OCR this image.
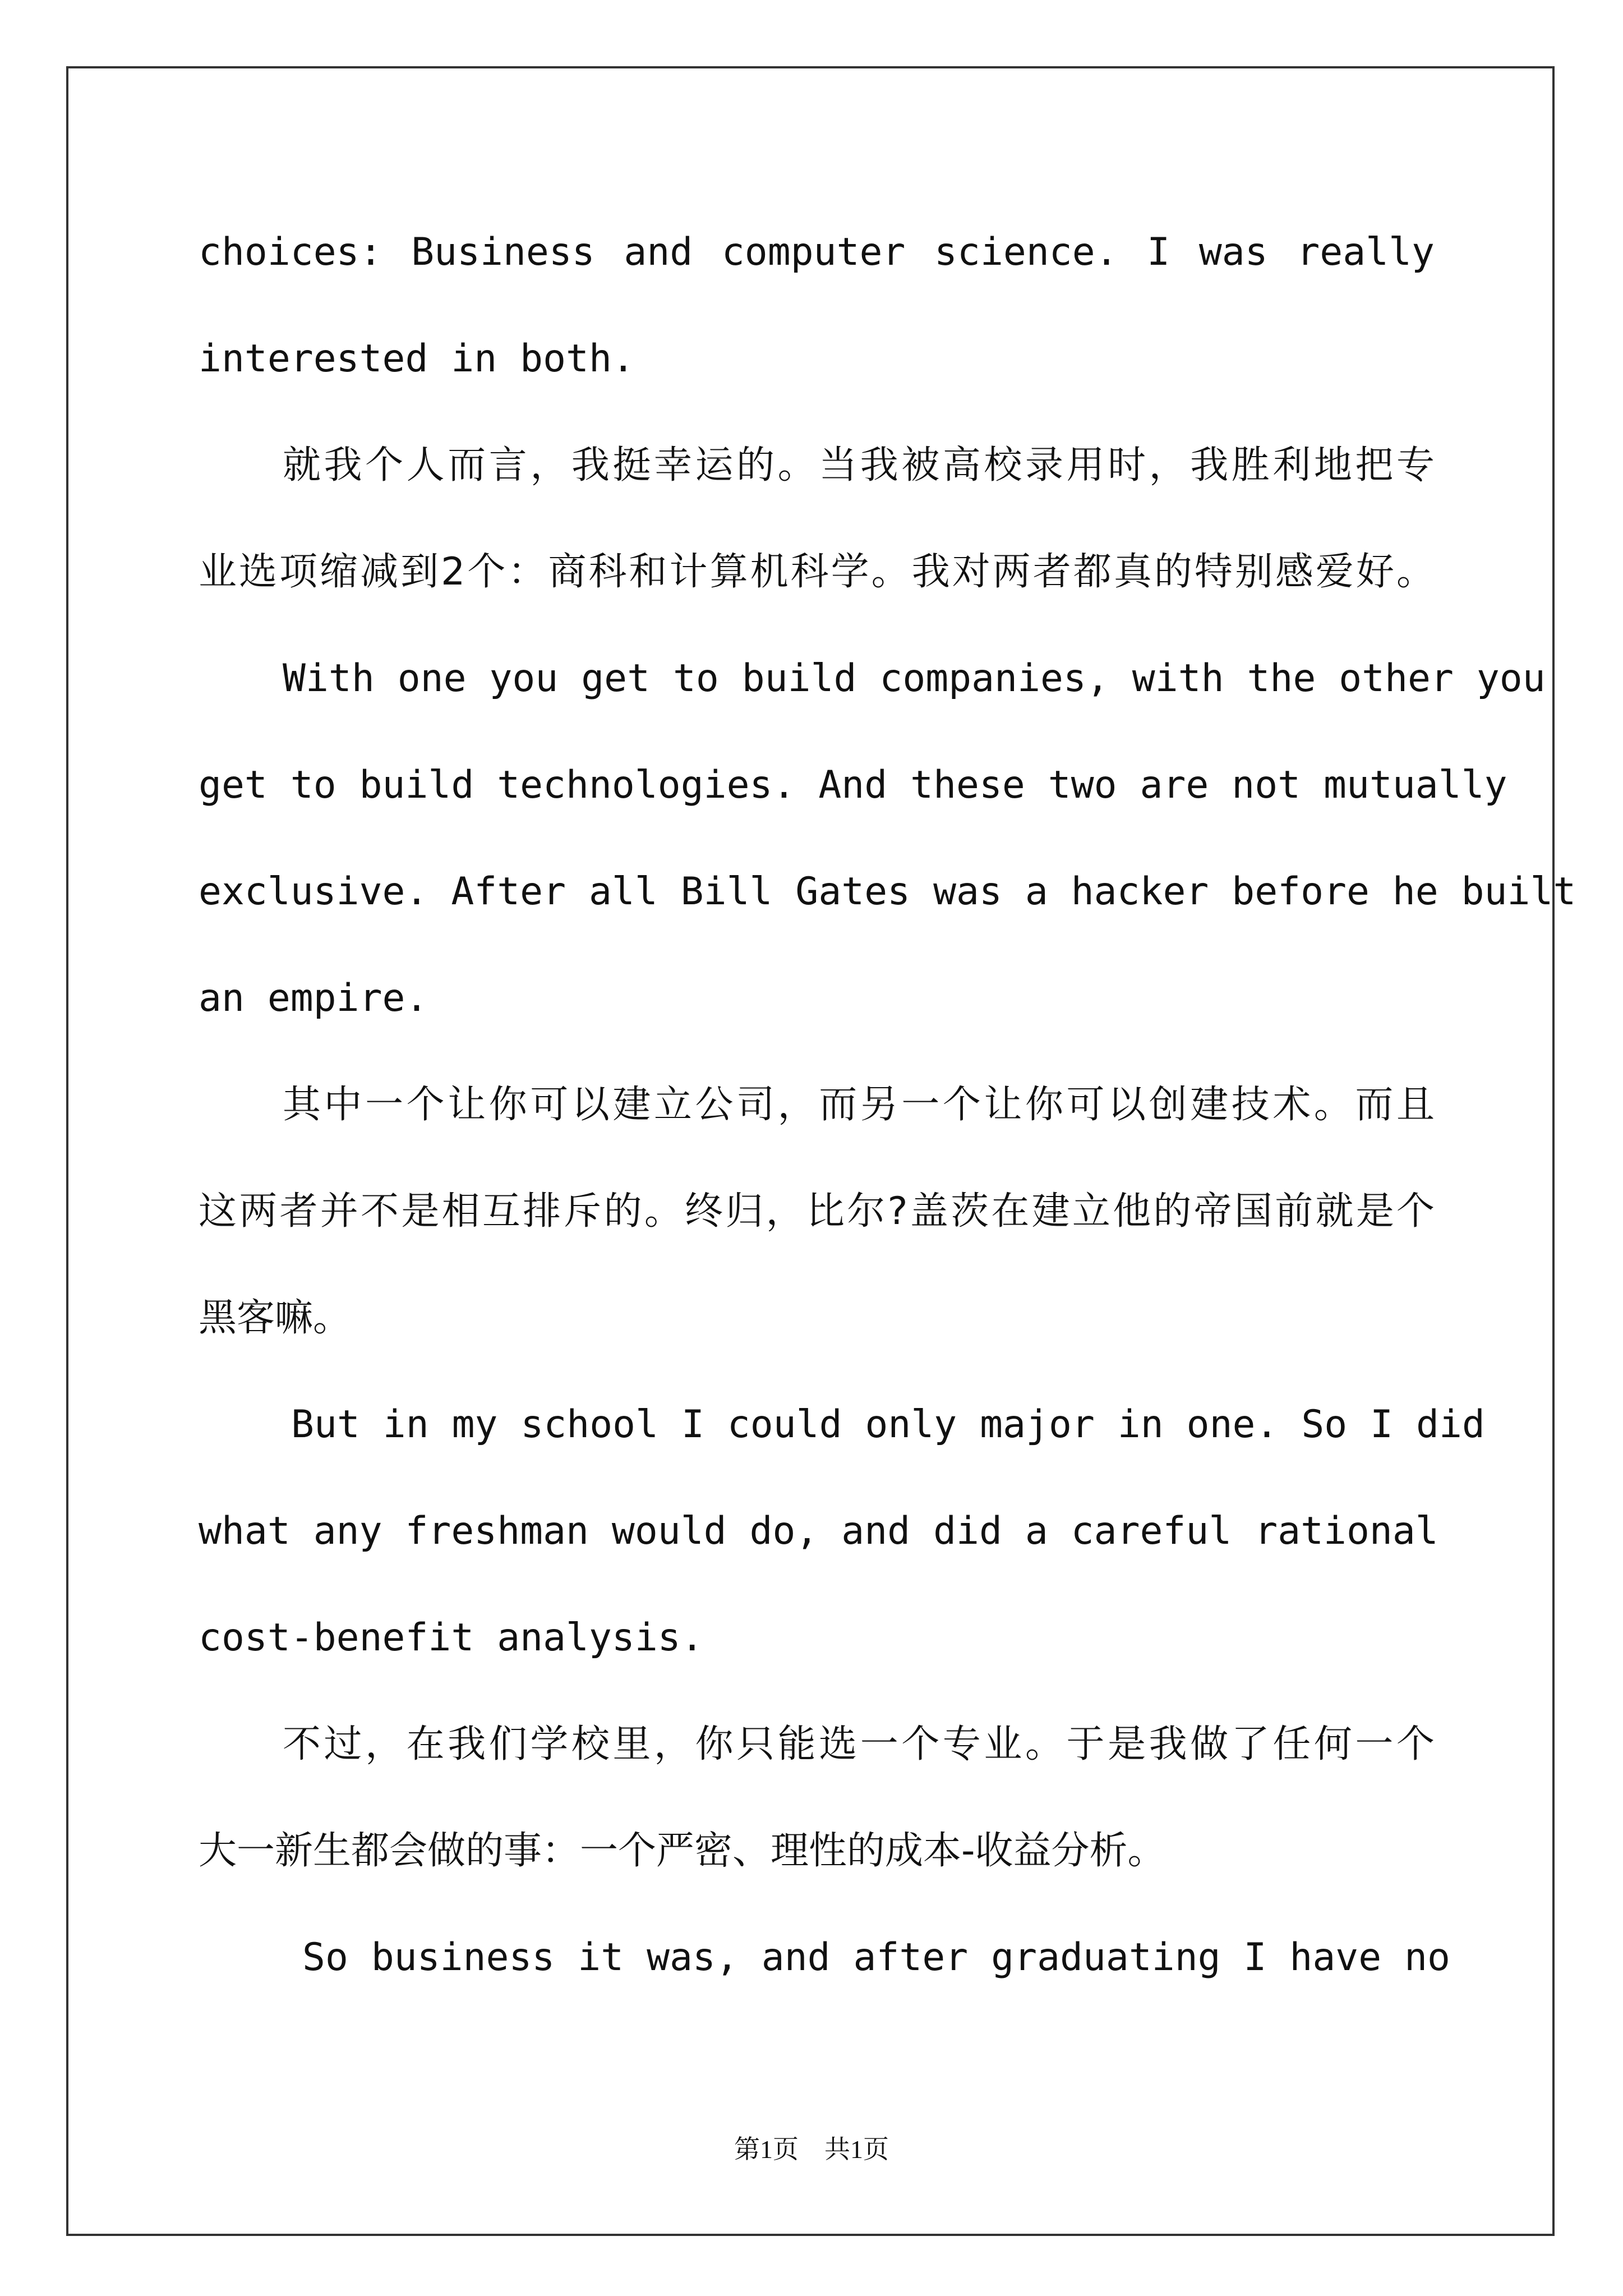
choices: Business and computer science. I was really
interested in both.
就我个人而言，我挺幸运的。当我被高校录用时，我胜利地把专
业选项缩减到2个：商科和计算机科学。我对两者都真的特别感爱好。
With one you get to build companies, with the other you
get to build technologies. And these two are not mutually
exclusive. After all Bill Gates was a hacker before he built
an empire.
其中一个让你可以建立公司，而另一个让你可以创建技术。而且
这两者并不是相互排斥的。终归，比尔?盖茨在建立他的帝国前就是个
黑客嘛。
But in my school I could only major in one. So I did
what any freshman would do, and did a careful rational
cost-benefit analysis.
不过，在我们学校里，你只能选一个专业。于是我做了任何一个
大一新生都会做的事：一个严密、理性的成本-收益分析。
So business it was, and after graduating I have no
第1页　共1页
